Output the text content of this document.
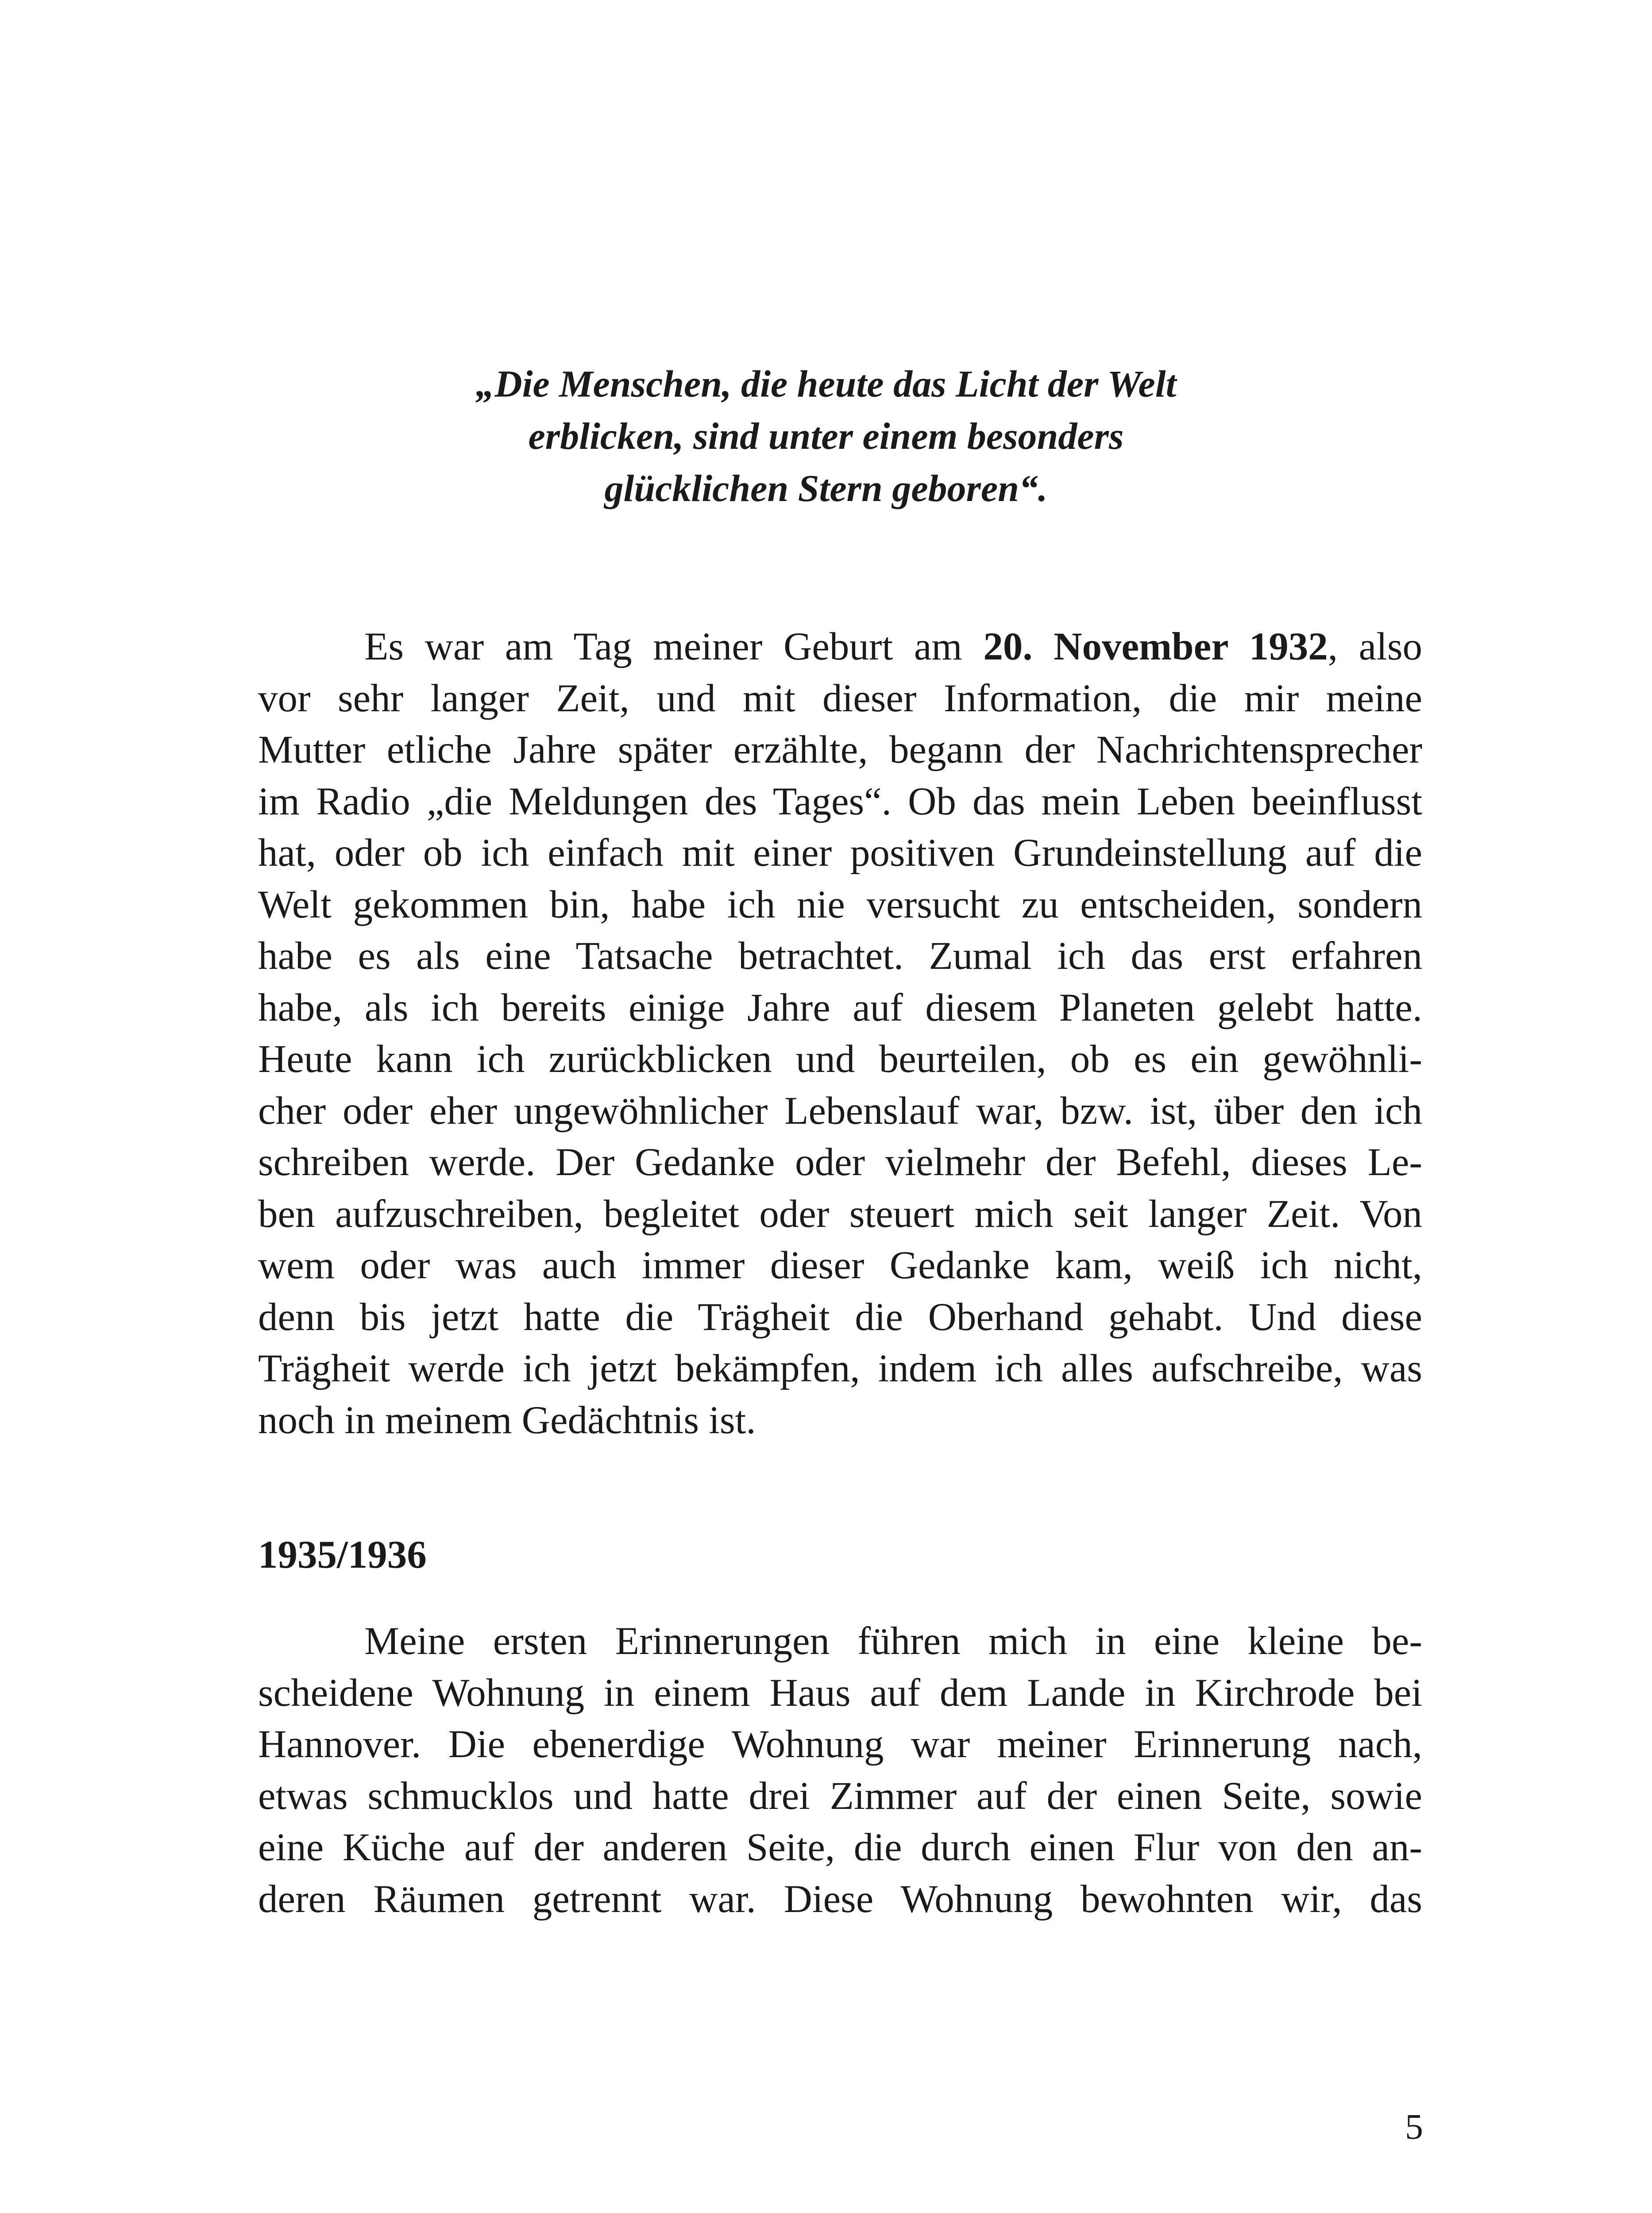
„Die Menschen, die heute das Licht der Welt
erblicken, sind unter einem besonders
glücklichen Stern geboren“.
Es war am Tag meiner Geburt am 20. November 1932, also
vor sehr langer Zeit, und mit dieser Information, die mir meine
Mutter etliche Jahre später erzählte, begann der Nachrichtensprecher
im Radio „die Meldungen des Tages“. Ob das mein Leben beeinflusst
hat, oder ob ich einfach mit einer positiven Grundeinstellung auf die
Welt gekommen bin, habe ich nie versucht zu entscheiden, sondern
habe es als eine Tatsache betrachtet. Zumal ich das erst erfahren
habe, als ich bereits einige Jahre auf diesem Planeten gelebt hatte.
Heute kann ich zurückblicken und beurteilen, ob es ein gewöhnli-
cher oder eher ungewöhnlicher Lebenslauf war, bzw. ist, über den ich
schreiben werde. Der Gedanke oder vielmehr der Befehl, dieses Le-
ben aufzuschreiben, begleitet oder steuert mich seit langer Zeit. Von
wem oder was auch immer dieser Gedanke kam, weiß ich nicht,
denn bis jetzt hatte die Trägheit die Oberhand gehabt. Und diese
Trägheit werde ich jetzt bekämpfen, indem ich alles aufschreibe, was
noch in meinem Gedächtnis ist.
1935/1936
Meine ersten Erinnerungen führen mich in eine kleine be-
scheidene Wohnung in einem Haus auf dem Lande in Kirchrode bei
Hannover. Die ebenerdige Wohnung war meiner Erinnerung nach,
etwas schmucklos und hatte drei Zimmer auf der einen Seite, sowie
eine Küche auf der anderen Seite, die durch einen Flur von den an-
deren Räumen getrennt war. Diese Wohnung bewohnten wir, das
5
